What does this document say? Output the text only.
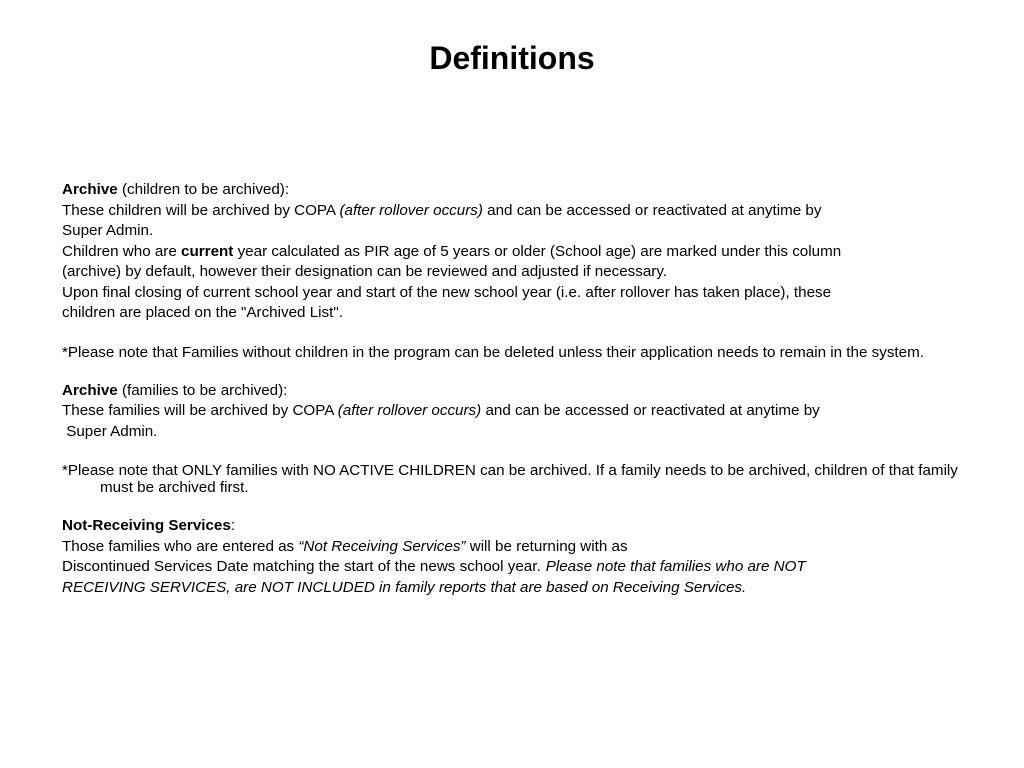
Definitions

Archive (children to be archived):

These children will be archived by COPA (after rollover occurs) and can be accessed or reactivated at anytime by

Super Admin.

Children who are current year calculated as PIR age of 5 years or older (School age) are marked under this column

(archive) by default, however their designation can be reviewed and adjusted if necessary.

Upon final closing of current school year and start of the new school year (i.e. after rollover has taken place), these

children are placed on the "Archived List".

*Please note that Families without children in the program can be deleted unless their application needs to remain in the system.

Archive (families to be archived):

These families will be archived by COPA (after rollover occurs) and can be accessed or reactivated at anytime by

Super Admin.

*Please note that ONLY families with NO ACTIVE CHILDREN can be archived. If a family needs to be archived, children of that family must be archived first.

Not-Receiving Services:

Those families who are entered as “Not Receiving Services” will be returning with as

Discontinued Services Date matching the start of the news school year. Please note that families who are NOT

RECEIVING SERVICES, are NOT INCLUDED in family reports that are based on Receiving Services.
